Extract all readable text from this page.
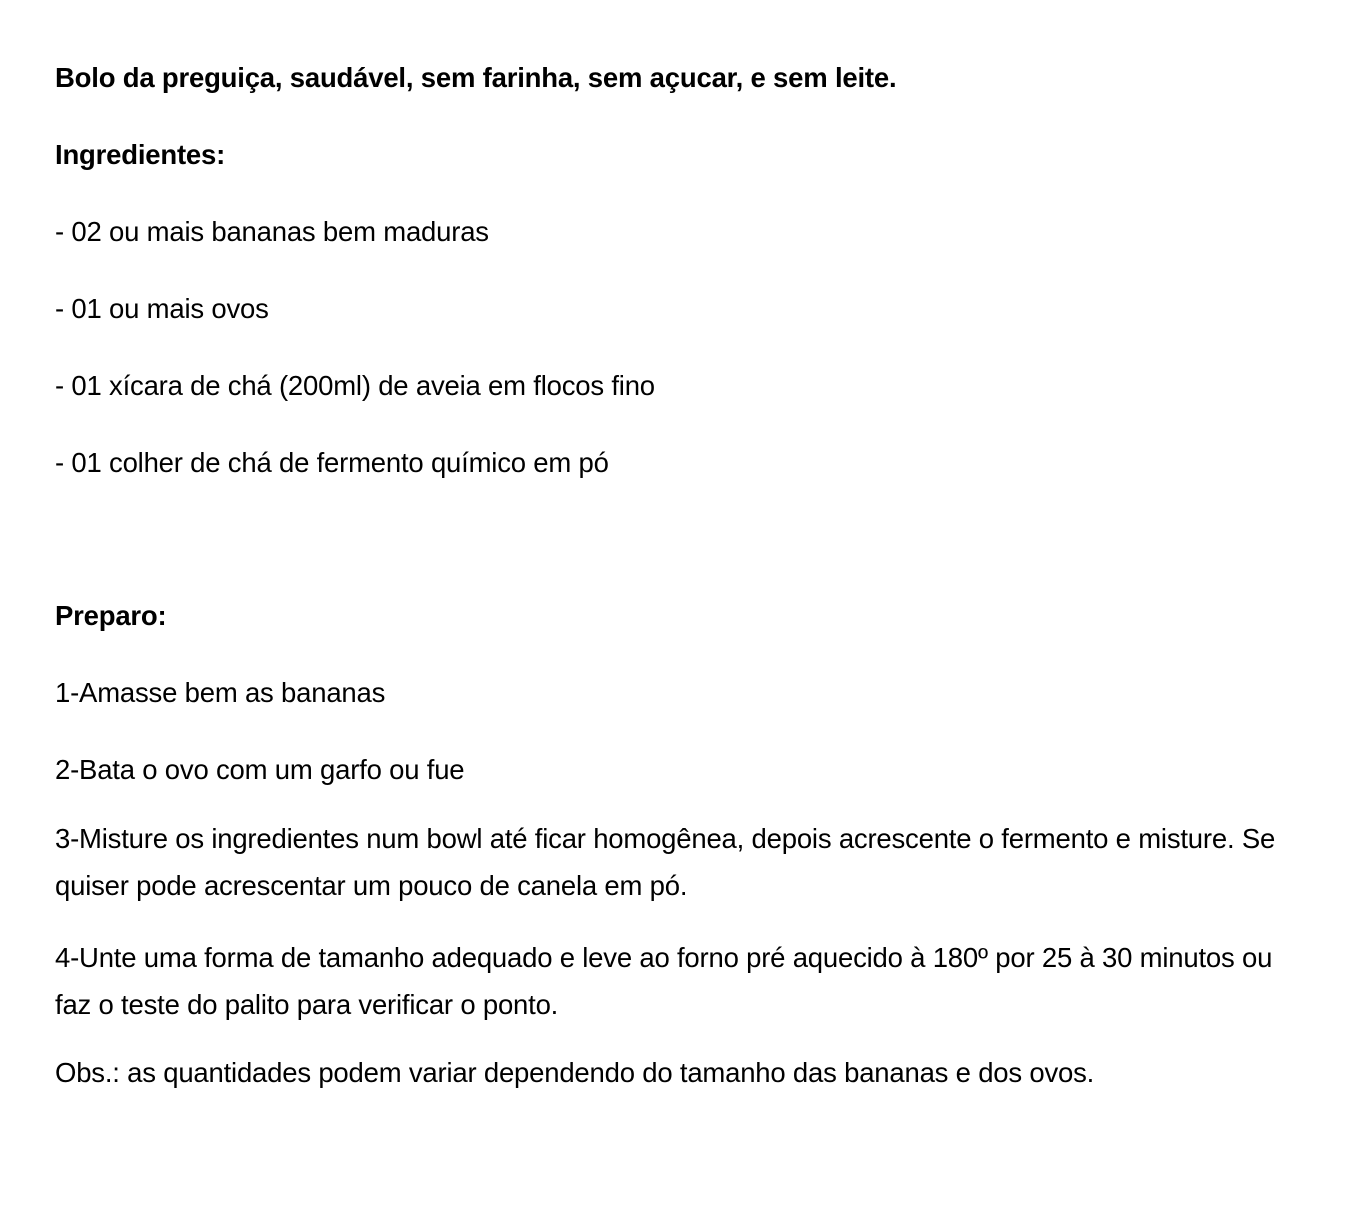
Bolo da preguiça, saudável, sem farinha, sem açucar, e sem leite.

Ingredientes:

- 02 ou mais bananas bem maduras

- 01 ou mais ovos

- 01 xícara de chá (200ml) de aveia em flocos fino

- 01 colher de chá de fermento químico em pó

Preparo:

1-Amasse bem as bananas

2-Bata o ovo com um garfo ou fue

3-Misture os ingredientes num bowl até ficar homogênea, depois acrescente o fermento e misture. Se quiser pode acrescentar um pouco de canela em pó.

4-Unte uma forma de tamanho adequado e leve ao forno pré aquecido à 180º por 25 à 30 minutos ou faz o teste do palito para verificar o ponto.

Obs.: as quantidades podem variar dependendo do tamanho das bananas e dos ovos.
